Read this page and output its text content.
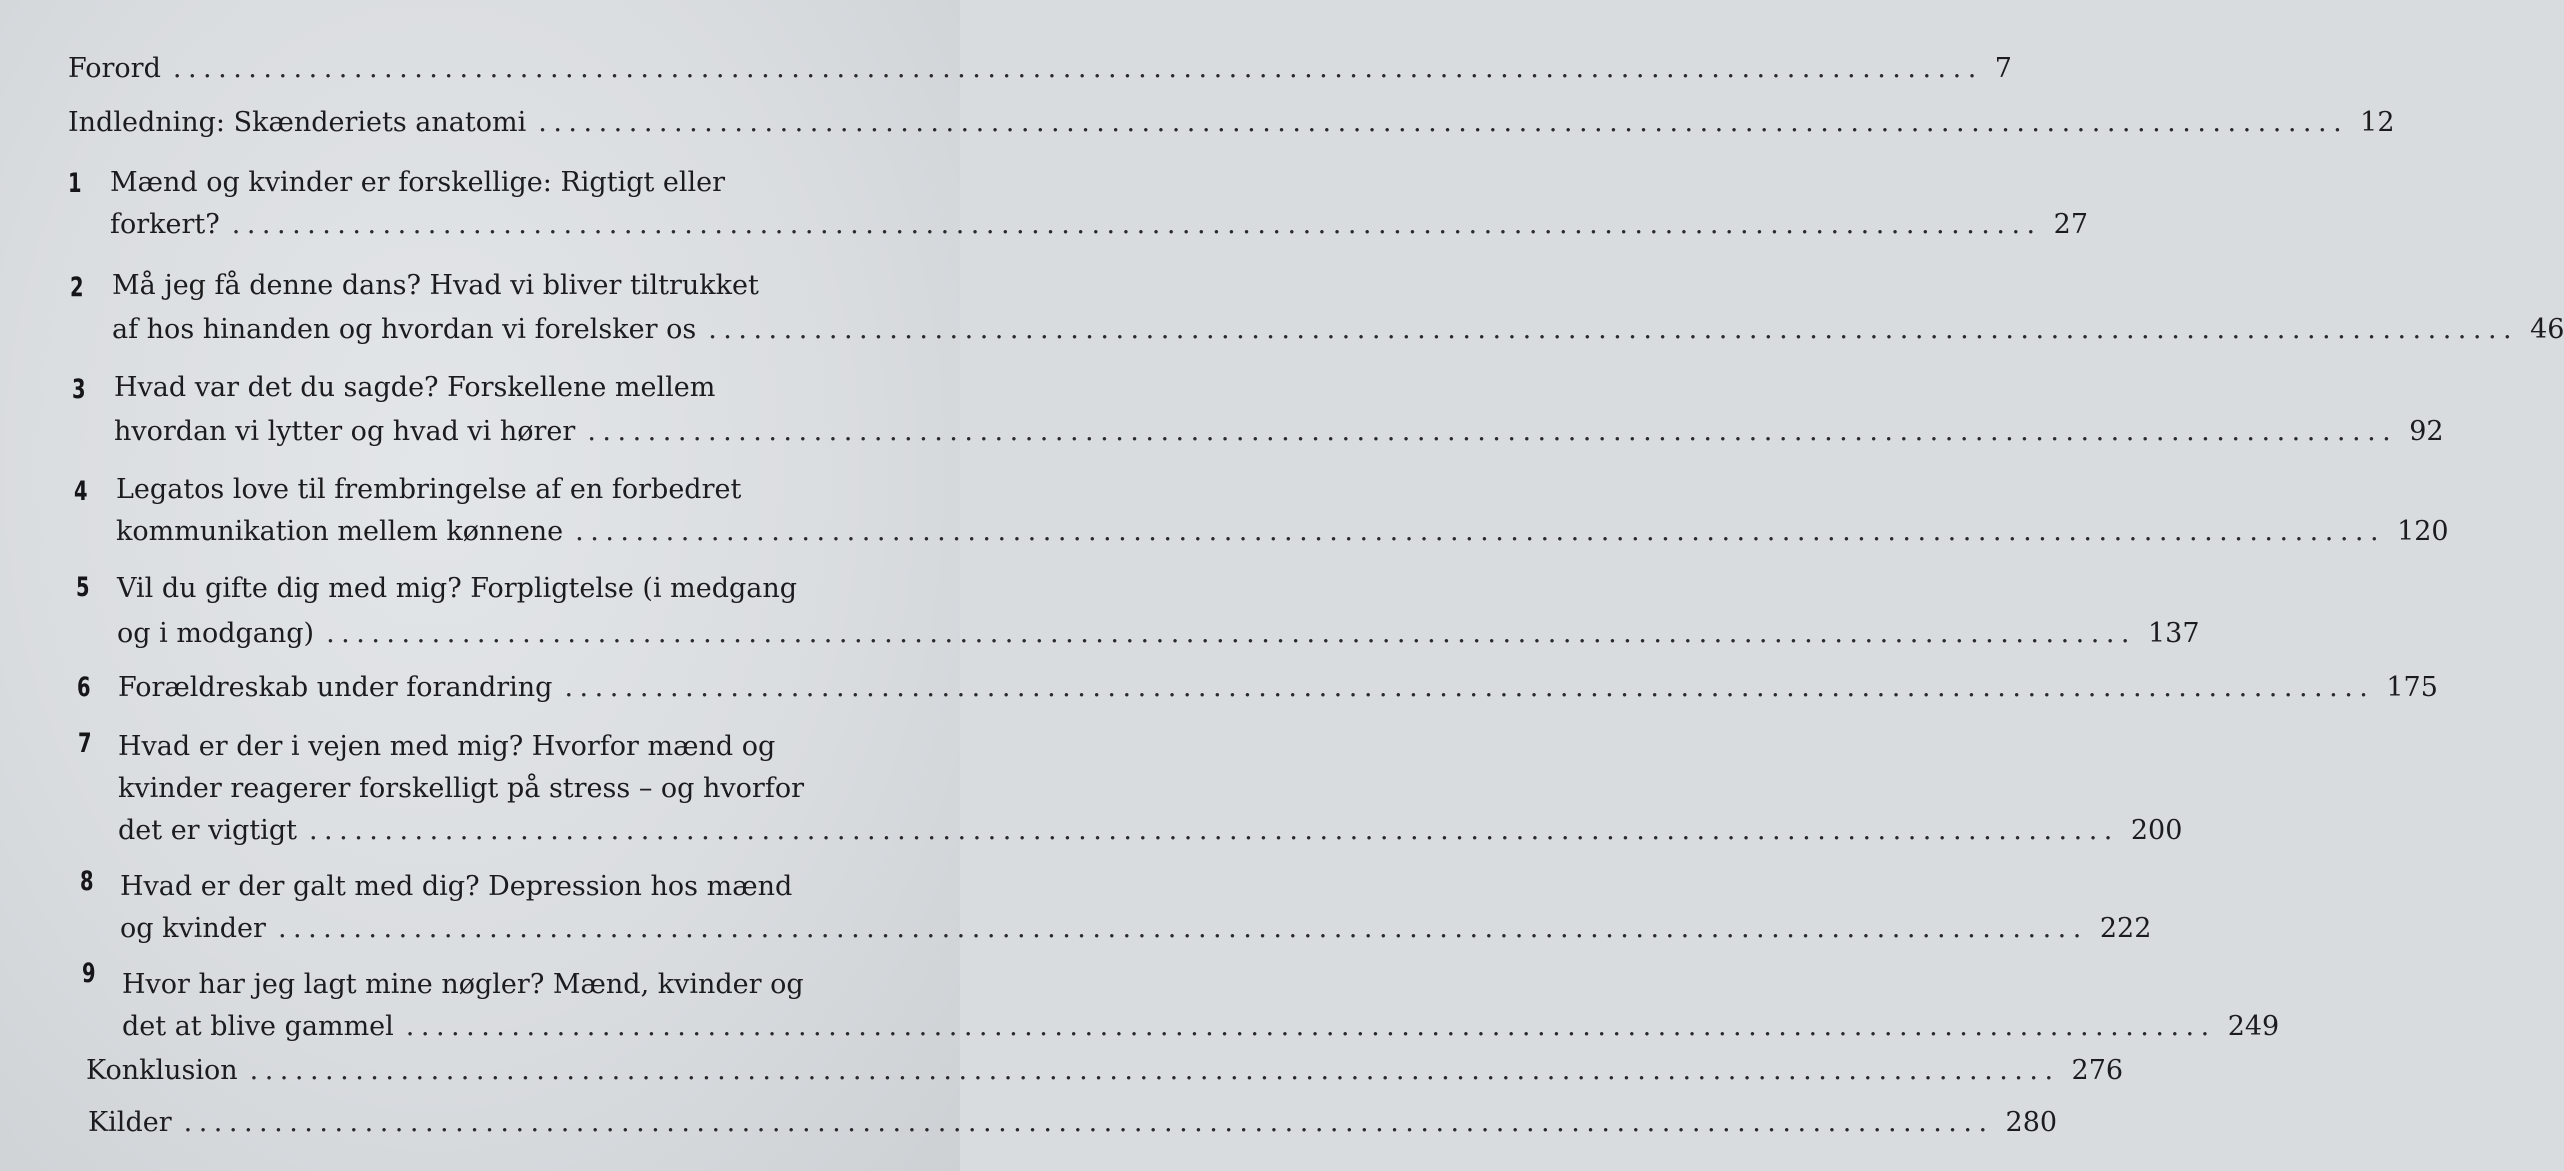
Forord ........................................................................................................................ 7
Indledning: Skænderiets anatomi ........................................................................................................................ 12
1 Mænd og kvinder er forskellige: Rigtigt eller
forkert? ........................................................................................................................ 27
2 Må jeg få denne dans? Hvad vi bliver tiltrukket
af hos hinanden og hvordan vi forelsker os ........................................................................................................................ 46
3 Hvad var det du sagde? Forskellene mellem
hvordan vi lytter og hvad vi hører ........................................................................................................................ 92
4 Legatos love til frembringelse af en forbedret
kommunikation mellem kønnene ........................................................................................................................ 120
5 Vil du gifte dig med mig? Forpligtelse (i medgang
og i modgang) ........................................................................................................................ 137
6 Forældreskab under forandring ........................................................................................................................ 175
7 Hvad er der i vejen med mig? Hvorfor mænd og
kvinder reagerer forskelligt på stress – og hvorfor
det er vigtigt ........................................................................................................................ 200
8 Hvad er der galt med dig? Depression hos mænd
og kvinder ........................................................................................................................ 222
9 Hvor har jeg lagt mine nøgler? Mænd, kvinder og
det at blive gammel ........................................................................................................................ 249
Konklusion ........................................................................................................................ 276
Kilder ........................................................................................................................ 280
